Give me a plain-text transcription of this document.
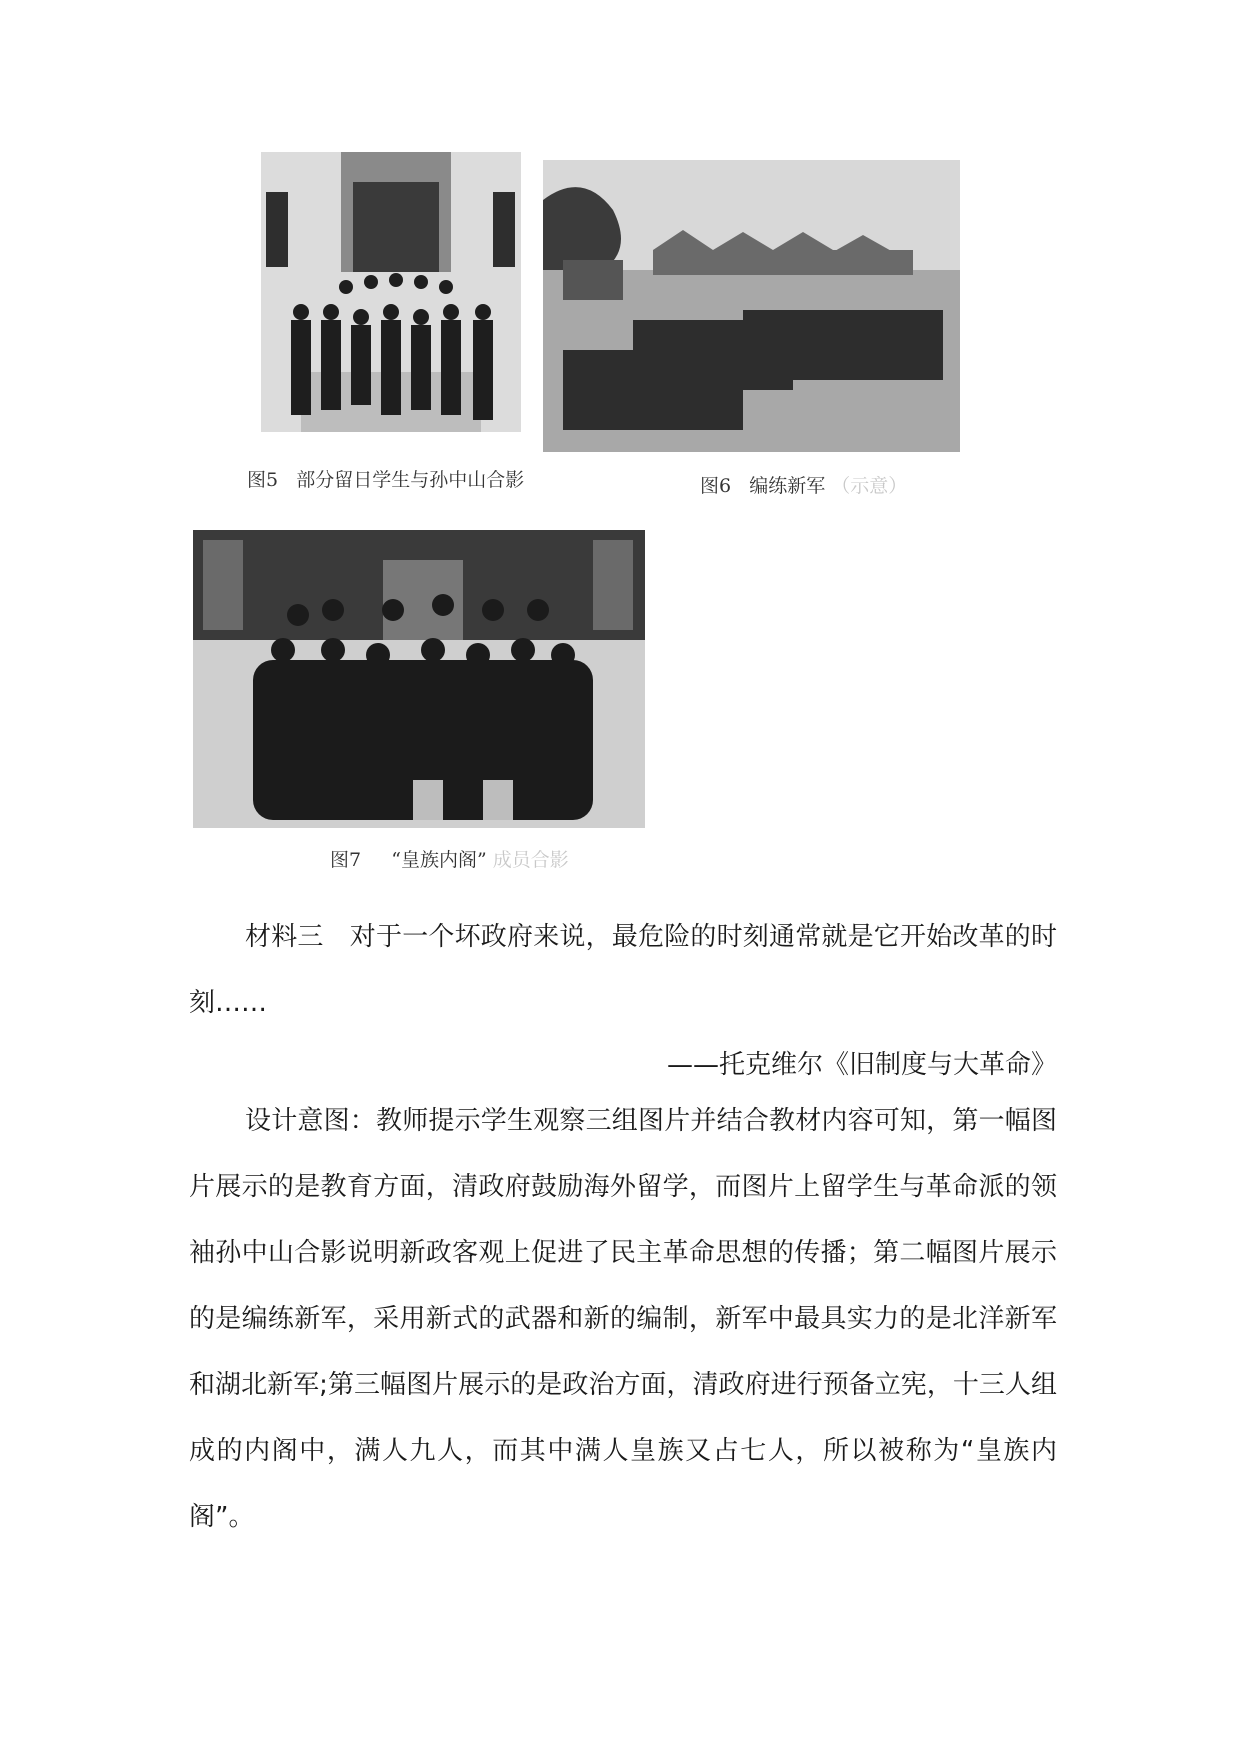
图5 部分留日学生与孙中山合影	图6 编练新军 （示意）
图7 “皇族内阁” 成员合影
材料三　对于一个坏政府来说，最危险的时刻通常就是它开始改革的时刻……
——托克维尔《旧制度与大革命》
设计意图：教师提示学生观察三组图片并结合教材内容可知，第一幅图片展示的是教育方面，清政府鼓励海外留学，而图片上留学生与革命派的领袖孙中山合影说明新政客观上促进了民主革命思想的传播；第二幅图片展示的是编练新军，采用新式的武器和新的编制，新军中最具实力的是北洋新军和湖北新军;第三幅图片展示的是政治方面，清政府进行预备立宪，十三人组成的内阁中，满人九人，而其中满人皇族又占七人，所以被称为“皇族内阁”。
